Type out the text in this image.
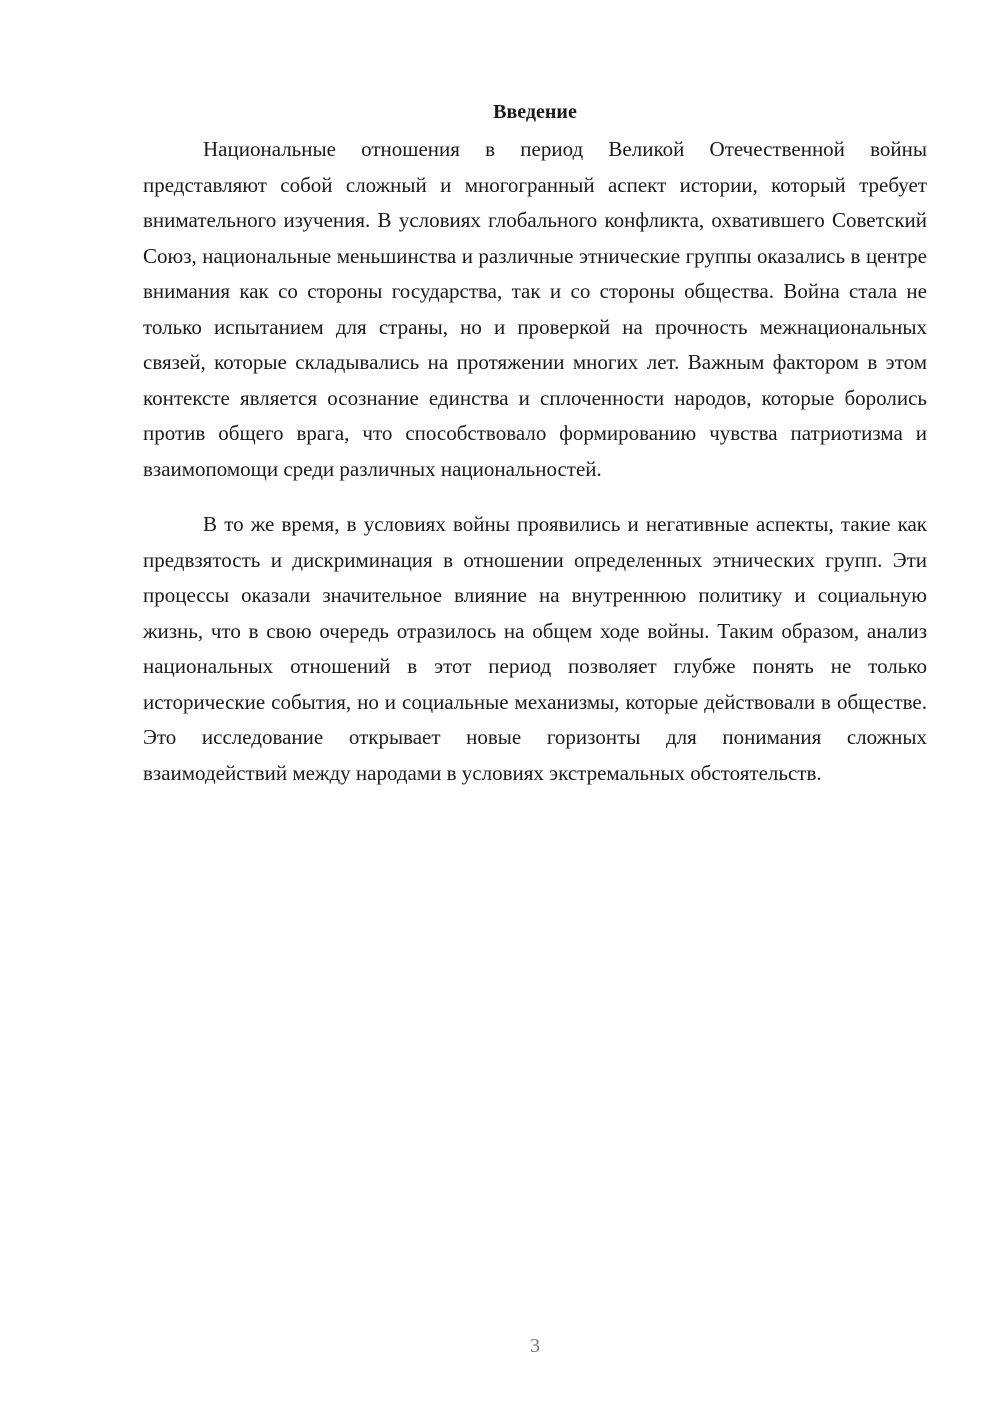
Введение

Национальные отношения в период Великой Отечественной войны представляют собой сложный и многогранный аспект истории, который требует внимательного изучения. В условиях глобального конфликта, охватившего Советский Союз, национальные меньшинства и различные этнические группы оказались в центре внимания как со стороны государства, так и со стороны общества. Война стала не только испытанием для страны, но и проверкой на прочность межнациональных связей, которые складывались на протяжении многих лет. Важным фактором в этом контексте является осознание единства и сплоченности народов, которые боролись против общего врага, что способствовало формированию чувства патриотизма и взаимопомощи среди различных национальностей.

В то же время, в условиях войны проявились и негативные аспекты, такие как предвзятость и дискриминация в отношении определенных этнических групп. Эти процессы оказали значительное влияние на внутреннюю политику и социальную жизнь, что в свою очередь отразилось на общем ходе войны. Таким образом, анализ национальных отношений в этот период позволяет глубже понять не только исторические события, но и социальные механизмы, которые действовали в обществе. Это исследование открывает новые горизонты для понимания сложных взаимодействий между народами в условиях экстремальных обстоятельств.

3
